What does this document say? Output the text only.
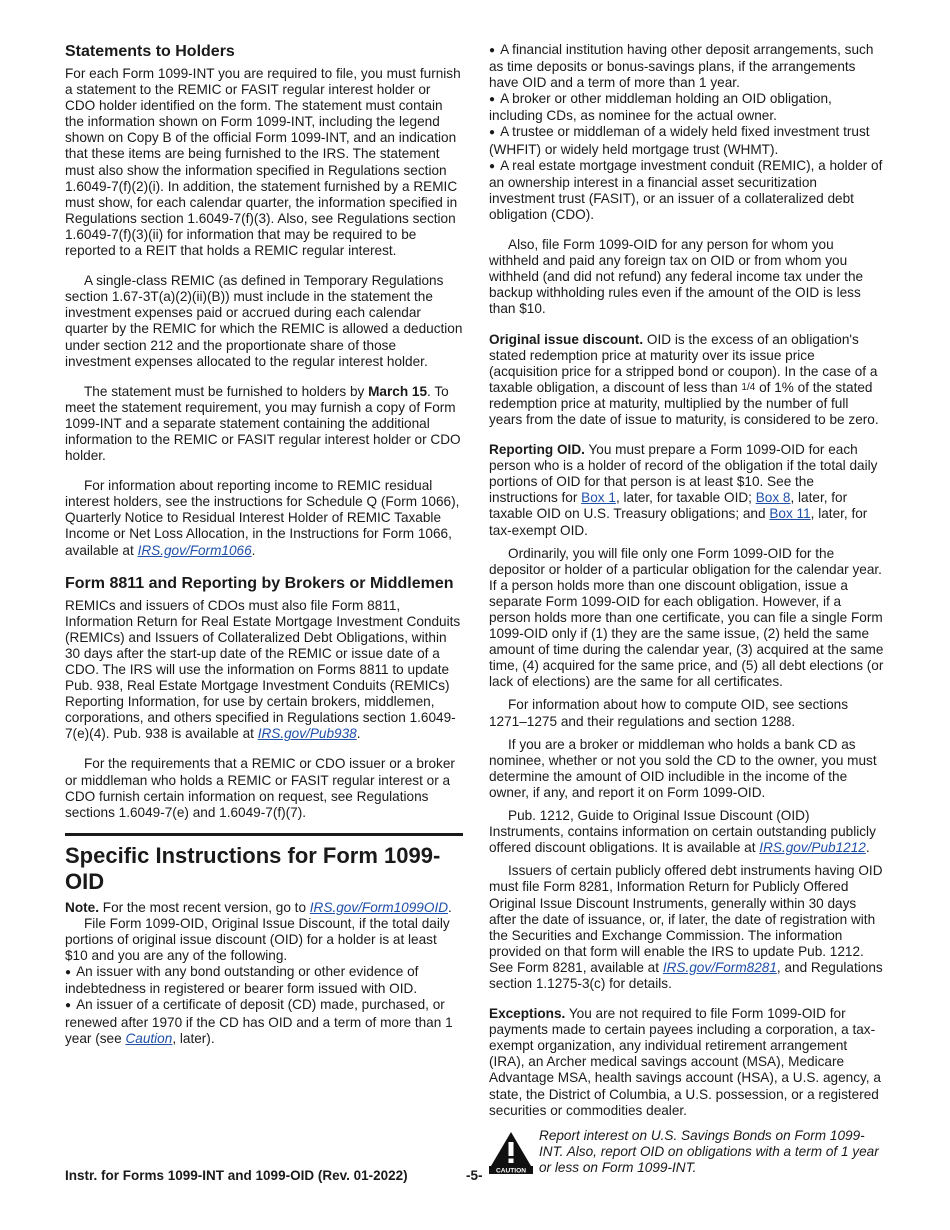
Statements to Holders

For each Form 1099-INT you are required to file, you must furnish a statement to the REMIC or FASIT regular interest holder or CDO holder identified on the form. The statement must contain the information shown on Form 1099-INT, including the legend shown on Copy B of the official Form 1099-INT, and an indication that these items are being furnished to the IRS. The statement must also show the information specified in Regulations section 1.6049-7(f)(2)(i). In addition, the statement furnished by a REMIC must show, for each calendar quarter, the information specified in Regulations section 1.6049-7(f)(3). Also, see Regulations section 1.6049-7(f)(3)(ii) for information that may be required to be reported to a REIT that holds a REMIC regular interest.

A single-class REMIC (as defined in Temporary Regulations section 1.67-3T(a)(2)(ii)(B)) must include in the statement the investment expenses paid or accrued during each calendar quarter by the REMIC for which the REMIC is allowed a deduction under section 212 and the proportionate share of those investment expenses allocated to the regular interest holder.

The statement must be furnished to holders by March 15. To meet the statement requirement, you may furnish a copy of Form 1099-INT and a separate statement containing the additional information to the REMIC or FASIT regular interest holder or CDO holder.

For information about reporting income to REMIC residual interest holders, see the instructions for Schedule Q (Form 1066), Quarterly Notice to Residual Interest Holder of REMIC Taxable Income or Net Loss Allocation, in the Instructions for Form 1066, available at IRS.gov/Form1066.

Form 8811 and Reporting by Brokers or Middlemen

REMICs and issuers of CDOs must also file Form 8811, Information Return for Real Estate Mortgage Investment Conduits (REMICs) and Issuers of Collateralized Debt Obligations, within 30 days after the start-up date of the REMIC or issue date of a CDO. The IRS will use the information on Forms 8811 to update Pub. 938, Real Estate Mortgage Investment Conduits (REMICs) Reporting Information, for use by certain brokers, middlemen, corporations, and others specified in Regulations section 1.6049-7(e)(4). Pub. 938 is available at IRS.gov/Pub938.

For the requirements that a REMIC or CDO issuer or a broker or middleman who holds a REMIC or FASIT regular interest or a CDO furnish certain information on request, see Regulations sections 1.6049-7(e) and 1.6049-7(f)(7).

Specific Instructions for Form 1099-OID

Note. For the most recent version, go to IRS.gov/Form1099OID.

File Form 1099-OID, Original Issue Discount, if the total daily portions of original issue discount (OID) for a holder is at least $10 and you are any of the following.

● An issuer with any bond outstanding or other evidence of indebtedness in registered or bearer form issued with OID.

● An issuer of a certificate of deposit (CD) made, purchased, or renewed after 1970 if the CD has OID and a term of more than 1 year (see Caution, later).

● A financial institution having other deposit arrangements, such as time deposits or bonus-savings plans, if the arrangements have OID and a term of more than 1 year.

● A broker or other middleman holding an OID obligation, including CDs, as nominee for the actual owner.

● A trustee or middleman of a widely held fixed investment trust (WHFIT) or widely held mortgage trust (WHMT).

● A real estate mortgage investment conduit (REMIC), a holder of an ownership interest in a financial asset securitization investment trust (FASIT), or an issuer of a collateralized debt obligation (CDO).

Also, file Form 1099-OID for any person for whom you withheld and paid any foreign tax on OID or from whom you withheld (and did not refund) any federal income tax under the backup withholding rules even if the amount of the OID is less than $10.

Original issue discount. OID is the excess of an obligation's stated redemption price at maturity over its issue price (acquisition price for a stripped bond or coupon). In the case of a taxable obligation, a discount of less than 1/4 of 1% of the stated redemption price at maturity, multiplied by the number of full years from the date of issue to maturity, is considered to be zero.

Reporting OID. You must prepare a Form 1099-OID for each person who is a holder of record of the obligation if the total daily portions of OID for that person is at least $10. See the instructions for Box 1, later, for taxable OID; Box 8, later, for taxable OID on U.S. Treasury obligations; and Box 11, later, for tax-exempt OID.

Ordinarily, you will file only one Form 1099-OID for the depositor or holder of a particular obligation for the calendar year. If a person holds more than one discount obligation, issue a separate Form 1099-OID for each obligation. However, if a person holds more than one certificate, you can file a single Form 1099-OID only if (1) they are the same issue, (2) held the same amount of time during the calendar year, (3) acquired at the same time, (4) acquired for the same price, and (5) all debt elections (or lack of elections) are the same for all certificates.

For information about how to compute OID, see sections 1271–1275 and their regulations and section 1288.

If you are a broker or middleman who holds a bank CD as nominee, whether or not you sold the CD to the owner, you must determine the amount of OID includible in the income of the owner, if any, and report it on Form 1099-OID.

Pub. 1212, Guide to Original Issue Discount (OID) Instruments, contains information on certain outstanding publicly offered discount obligations. It is available at IRS.gov/Pub1212.

Issuers of certain publicly offered debt instruments having OID must file Form 8281, Information Return for Publicly Offered Original Issue Discount Instruments, generally within 30 days after the date of issuance, or, if later, the date of registration with the Securities and Exchange Commission. The information provided on that form will enable the IRS to update Pub. 1212. See Form 8281, available at IRS.gov/Form8281, and Regulations section 1.1275-3(c) for details.

Exceptions. You are not required to file Form 1099-OID for payments made to certain payees including a corporation, a tax-exempt organization, any individual retirement arrangement (IRA), an Archer medical savings account (MSA), Medicare Advantage MSA, health savings account (HSA), a U.S. agency, a state, the District of Columbia, a U.S. possession, or a registered securities or commodities dealer.

CAUTION

Report interest on U.S. Savings Bonds on Form 1099-INT. Also, report OID on obligations with a term of 1 year or less on Form 1099-INT.

Instr. for Forms 1099-INT and 1099-OID (Rev. 01-2022)	-5-
